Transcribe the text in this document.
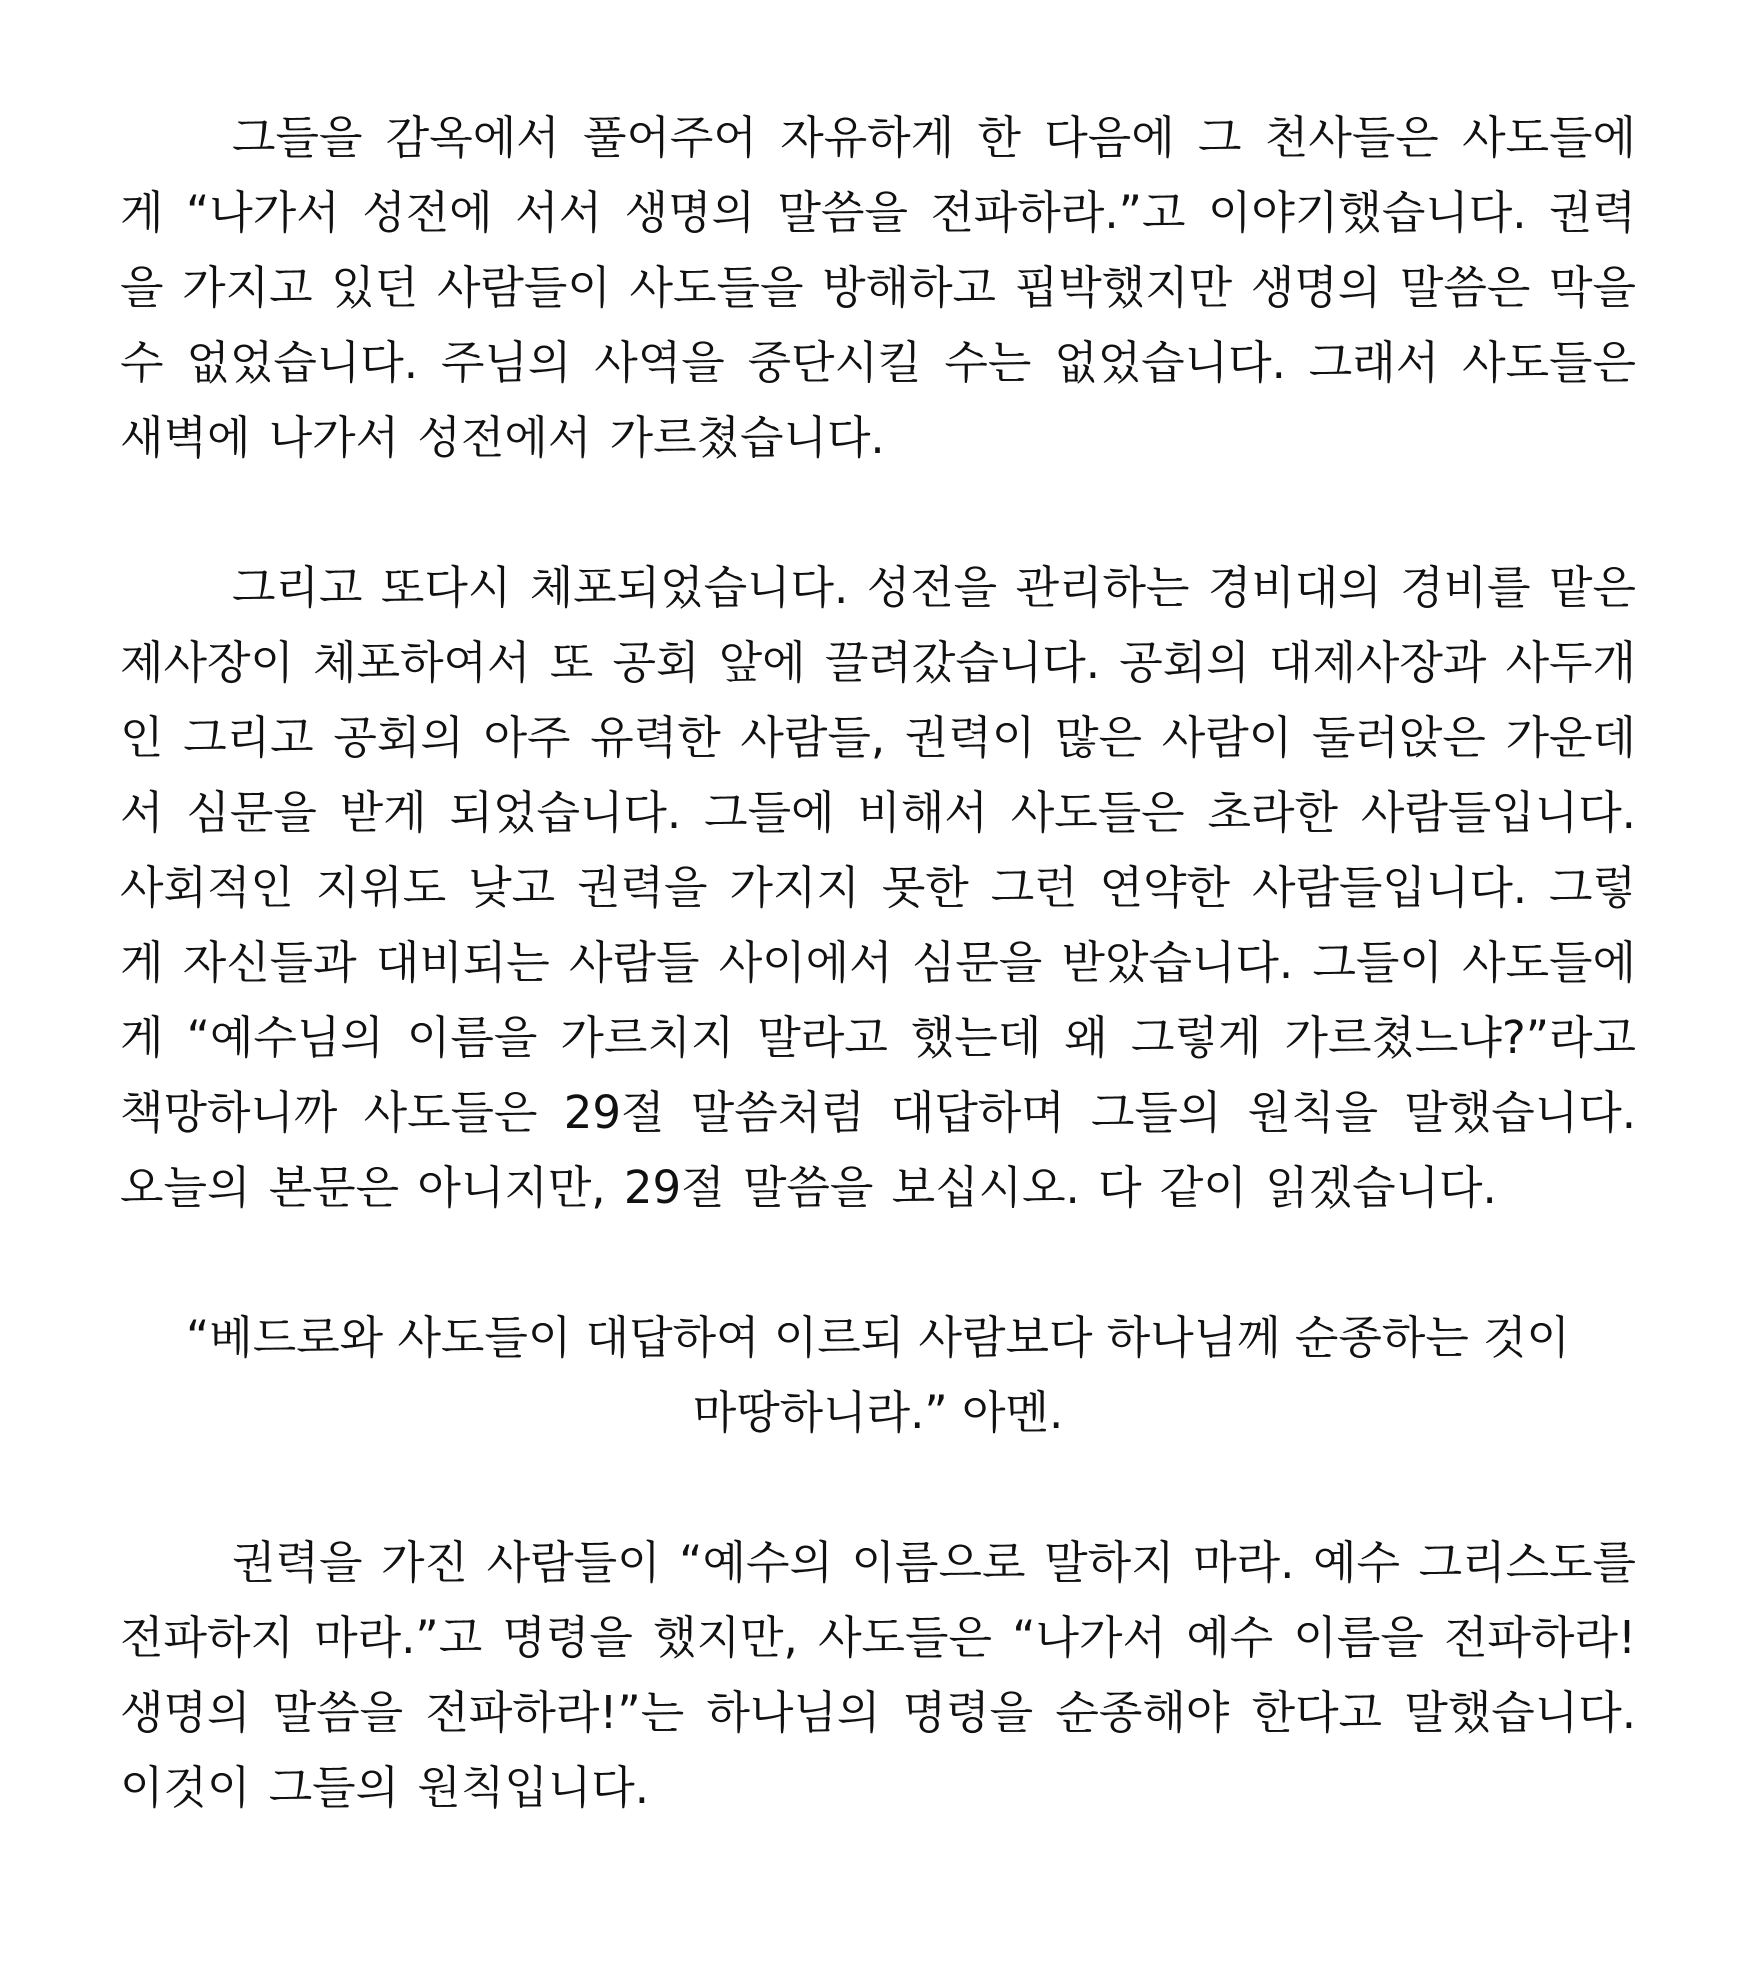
그들을 감옥에서 풀어주어 자유하게 한 다음에 그 천사들은 사도들에게 “나가서 성전에 서서 생명의 말씀을 전파하라.”고 이야기했습니다. 권력을 가지고 있던 사람들이 사도들을 방해하고 핍박했지만 생명의 말씀은 막을 수 없었습니다. 주님의 사역을 중단시킬 수는 없었습니다. 그래서 사도들은 새벽에 나가서 성전에서 가르쳤습니다.

그리고 또다시 체포되었습니다. 성전을 관리하는 경비대의 경비를 맡은 제사장이 체포하여서 또 공회 앞에 끌려갔습니다. 공회의 대제사장과 사두개인 그리고 공회의 아주 유력한 사람들, 권력이 많은 사람이 둘러앉은 가운데서 심문을 받게 되었습니다. 그들에 비해서 사도들은 초라한 사람들입니다. 사회적인 지위도 낮고 권력을 가지지 못한 그런 연약한 사람들입니다. 그렇게 자신들과 대비되는 사람들 사이에서 심문을 받았습니다. 그들이 사도들에게 “예수님의 이름을 가르치지 말라고 했는데 왜 그렇게 가르쳤느냐?”라고 책망하니까 사도들은 29절 말씀처럼 대답하며 그들의 원칙을 말했습니다. 오늘의 본문은 아니지만, 29절 말씀을 보십시오. 다 같이 읽겠습니다.

“베드로와 사도들이 대답하여 이르되 사람보다 하나님께 순종하는 것이
마땅하니라.” 아멘.

권력을 가진 사람들이 “예수의 이름으로 말하지 마라. 예수 그리스도를 전파하지 마라.”고 명령을 했지만, 사도들은 “나가서 예수 이름을 전파하라! 생명의 말씀을 전파하라!”는 하나님의 명령을 순종해야 한다고 말했습니다. 이것이 그들의 원칙입니다.
